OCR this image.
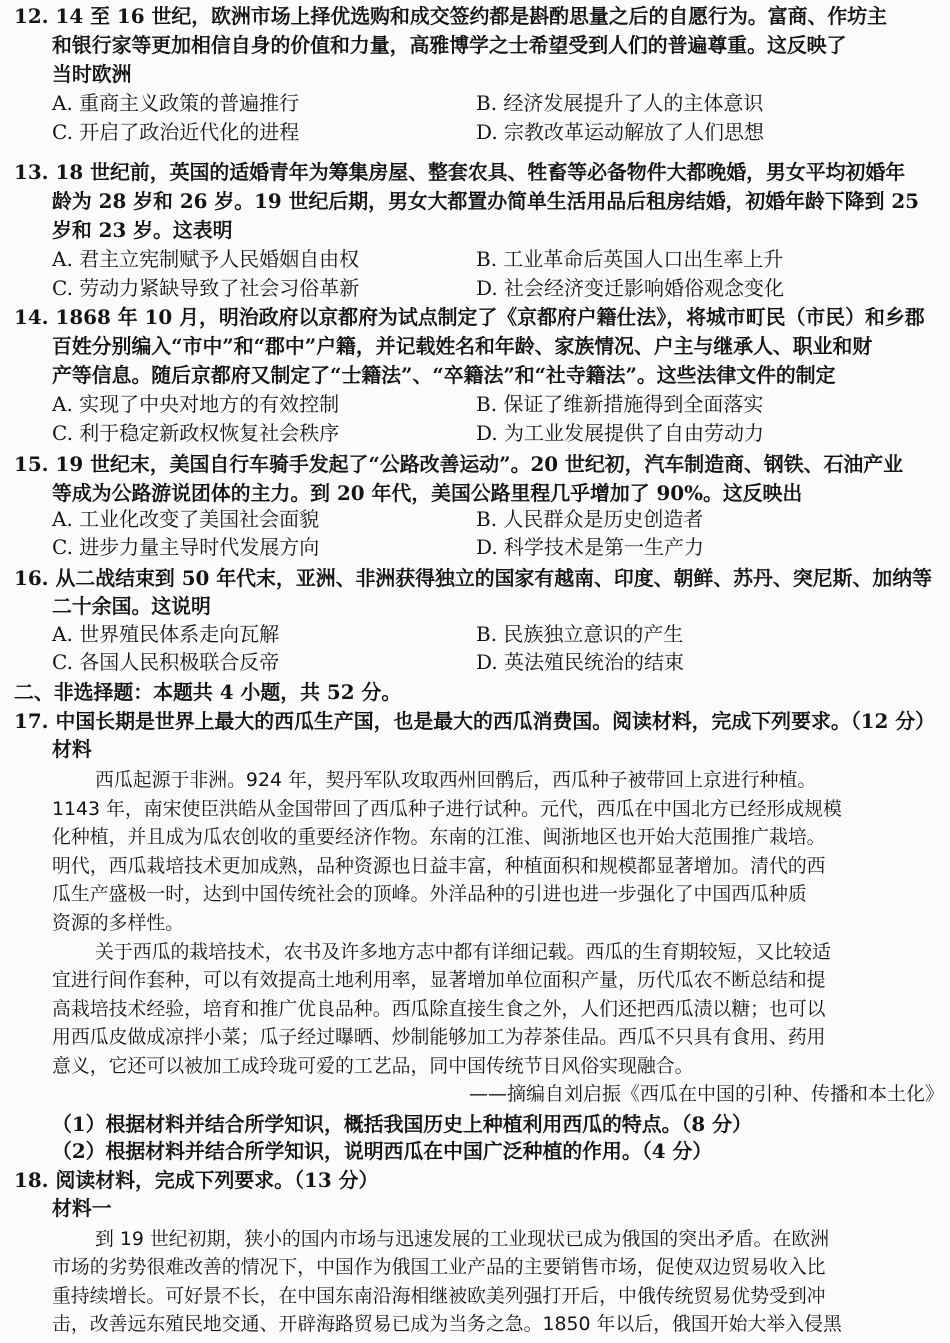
12. 14 至 16 世纪，欧洲市场上择优选购和成交签约都是斟酌思量之后的自愿行为。富商、作坊主
和银行家等更加相信自身的价值和力量，高雅博学之士希望受到人们的普遍尊重。这反映了
当时欧洲
A. 重商主义政策的普遍推行	B. 经济发展提升了人的主体意识
C. 开启了政治近代化的进程	D. 宗教改革运动解放了人们思想
13. 18 世纪前，英国的适婚青年为筹集房屋、整套农具、牲畜等必备物件大都晚婚，男女平均初婚年
龄为 28 岁和 26 岁。19 世纪后期，男女大都置办简单生活用品后租房结婚，初婚年龄下降到 25
岁和 23 岁。这表明
A. 君主立宪制赋予人民婚姻自由权	B. 工业革命后英国人口出生率上升
C. 劳动力紧缺导致了社会习俗革新	D. 社会经济变迁影响婚俗观念变化
14. 1868 年 10 月，明治政府以京都府为试点制定了《京都府户籍仕法》，将城市町民（市民）和乡郡
百姓分别编入“市中”和“郡中”户籍，并记载姓名和年龄、家族情况、户主与继承人、职业和财
产等信息。随后京都府又制定了“士籍法”、“卒籍法”和“社寺籍法”。这些法律文件的制定
A. 实现了中央对地方的有效控制	B. 保证了维新措施得到全面落实
C. 利于稳定新政权恢复社会秩序	D. 为工业发展提供了自由劳动力
15. 19 世纪末，美国自行车骑手发起了“公路改善运动”。20 世纪初，汽车制造商、钢铁、石油产业
等成为公路游说团体的主力。到 20 年代，美国公路里程几乎增加了 90%。这反映出
A. 工业化改变了美国社会面貌	B. 人民群众是历史创造者
C. 进步力量主导时代发展方向	D. 科学技术是第一生产力
16. 从二战结束到 50 年代末，亚洲、非洲获得独立的国家有越南、印度、朝鲜、苏丹、突尼斯、加纳等
二十余国。这说明
A. 世界殖民体系走向瓦解	B. 民族独立意识的产生
C. 各国人民积极联合反帝	D. 英法殖民统治的结束
二、非选择题：本题共 4 小题，共 52 分。
17. 中国长期是世界上最大的西瓜生产国，也是最大的西瓜消费国。阅读材料，完成下列要求。（12 分）
材料
西瓜起源于非洲。924 年，契丹军队攻取西州回鹘后，西瓜种子被带回上京进行种植。
1143 年，南宋使臣洪皓从金国带回了西瓜种子进行试种。元代，西瓜在中国北方已经形成规模
化种植，并且成为瓜农创收的重要经济作物。东南的江淮、闽浙地区也开始大范围推广栽培。
明代，西瓜栽培技术更加成熟，品种资源也日益丰富，种植面积和规模都显著增加。清代的西
瓜生产盛极一时，达到中国传统社会的顶峰。外洋品种的引进也进一步强化了中国西瓜种质
资源的多样性。
关于西瓜的栽培技术，农书及许多地方志中都有详细记载。西瓜的生育期较短，又比较适
宜进行间作套种，可以有效提高土地利用率，显著增加单位面积产量，历代瓜农不断总结和提
高栽培技术经验，培育和推广优良品种。西瓜除直接生食之外，人们还把西瓜渍以糖；也可以
用西瓜皮做成凉拌小菜；瓜子经过曝晒、炒制能够加工为荐茶佳品。西瓜不只具有食用、药用
意义，它还可以被加工成玲珑可爱的工艺品，同中国传统节日风俗实现融合。
——摘编自刘启振《西瓜在中国的引种、传播和本土化》
（1）根据材料并结合所学知识，概括我国历史上种植利用西瓜的特点。（8 分）
（2）根据材料并结合所学知识，说明西瓜在中国广泛种植的作用。（4 分）
18. 阅读材料，完成下列要求。（13 分）
材料一
到 19 世纪初期，狭小的国内市场与迅速发展的工业现状已成为俄国的突出矛盾。在欧洲
市场的劣势很难改善的情况下，中国作为俄国工业产品的主要销售市场，促使双边贸易收入比
重持续增长。可好景不长，在中国东南沿海相继被欧美列强打开后，中俄传统贸易优势受到冲
击，改善远东殖民地交通、开辟海路贸易已成为当务之急。1850 年以后，俄国开始大举入侵黑
